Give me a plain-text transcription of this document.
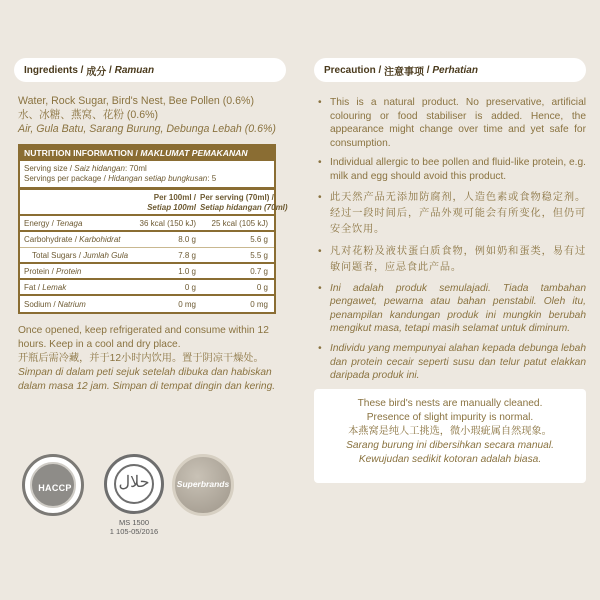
Ingredients / 成分 / Ramuan
Water, Rock Sugar, Bird's Nest, Bee Pollen (0.6%)
水、冰糖、燕窝、花粉 (0.6%)
Air, Gula Batu, Sarang Burung, Debunga Lebah (0.6%)
NUTRITION INFORMATION / MAKLUMAT PEMAKANAN
Serving size / Saiz hidangan: 70ml
Servings per package / Hidangan setiap bungkusan: 5
Per 100ml /
Setiap 100ml
Per serving (70ml) /
Setiap hidangan (70ml)
Energy / Tenaga	36 kcal (150 kJ)	25 kcal (105 kJ)
Carbohydrate / Karbohidrat	8.0 g	5.6 g
Total Sugars / Jumlah Gula	7.8 g	5.5 g
Protein / Protein	1.0 g	0.7 g
Fat / Lemak	0 g	0 g
Sodium / Natrium	0 mg	0 mg
Once opened, keep refrigerated and consume within 12 hours. Keep in a cool and dry place.
开瓶后需冷藏，并于12小时内饮用。置于阴凉干燥处。
Simpan di dalam peti sejuk setelah dibuka dan habiskan dalam masa 12 jam. Simpan di tempat dingin dan kering.
HACCP	حلال
MS 1500
1 105-05/2016
Superbrands
Precaution / 注意事项 / Perhatian
• This is a natural product. No preservative, artificial colouring or food stabiliser is added. Hence, the appearance might change over time and yet safe for consumption.
• Individual allergic to bee pollen and fluid-like protein, e.g. milk and egg should avoid this product.
• 此天然产品无添加防腐剂，人造色素或食物稳定剂。经过一段时间后，产品外观可能会有所变化，但仍可安全饮用。
• 凡对花粉及液状蛋白质食物，例如奶和蛋类，易有过敏问题者，应忌食此产品。
• Ini adalah produk semulajadi. Tiada tambahan pengawet, pewarna atau bahan penstabil. Oleh itu, penampilan kandungan produk ini mungkin berubah mengikut masa, tetapi masih selamat untuk diminum.
• Individu yang mempunyai alahan kepada debunga lebah dan protein cecair seperti susu dan telur patut elakkan daripada produk ini.
These bird's nests are manually cleaned.
Presence of slight impurity is normal.
本燕窝是纯人工挑选，微小瑕疵属自然现象。
Sarang burung ini dibersihkan secara manual.
Kewujudan sedikit kotoran adalah biasa.
